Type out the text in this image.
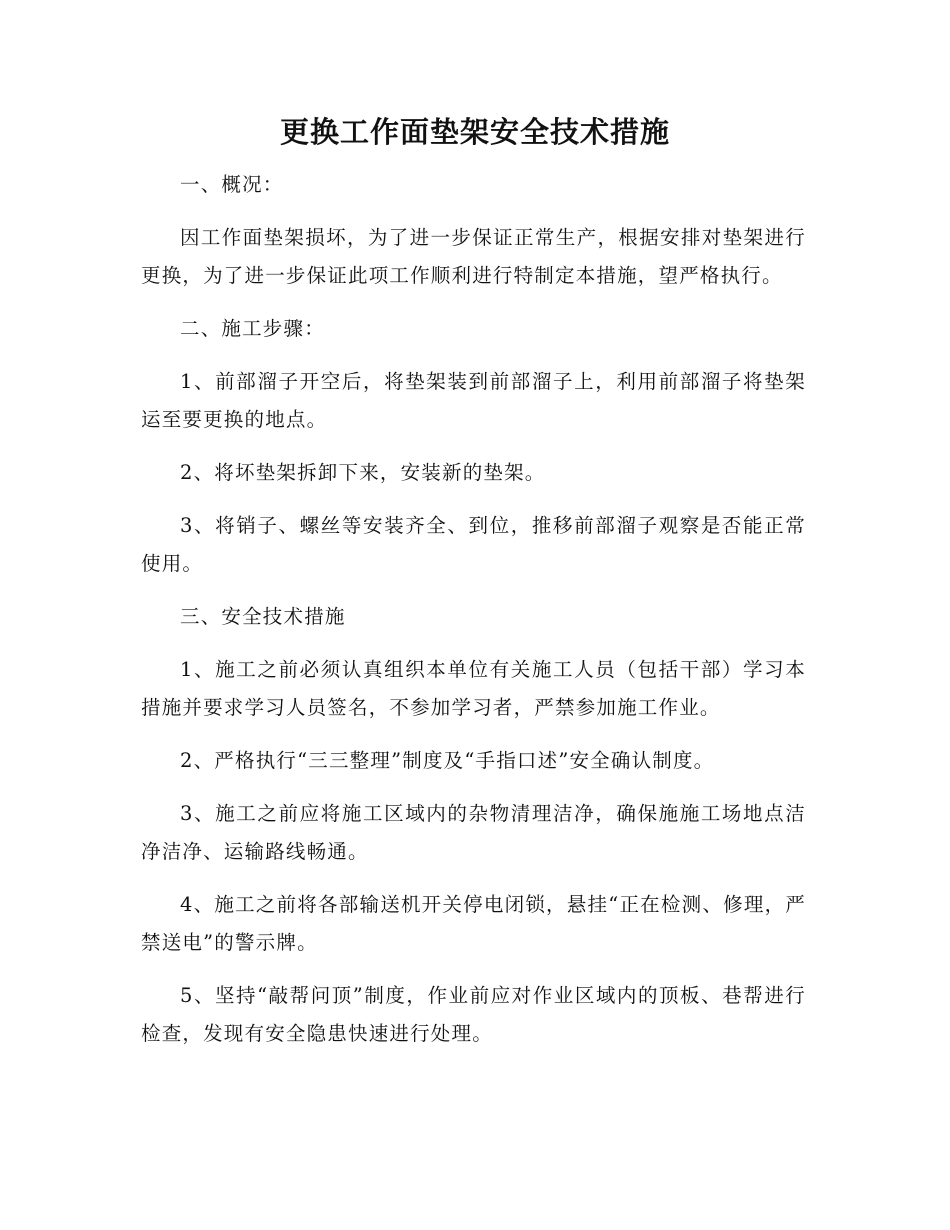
更换工作面垫架安全技术措施

一、概况：

因工作面垫架损坏，为了进一步保证正常生产，根据安排对垫架进行更换，为了进一步保证此项工作顺利进行特制定本措施，望严格执行。

二、施工步骤：

1、前部溜子开空后，将垫架装到前部溜子上，利用前部溜子将垫架运至要更换的地点。

2、将坏垫架拆卸下来，安装新的垫架。

3、将销子、螺丝等安装齐全、到位，推移前部溜子观察是否能正常使用。

三、安全技术措施

1、施工之前必须认真组织本单位有关施工人员（包括干部）学习本措施并要求学习人员签名，不参加学习者，严禁参加施工作业。

2、严格执行“三三整理”制度及“手指口述”安全确认制度。

3、施工之前应将施工区域内的杂物清理洁净，确保施施工场地点洁净洁净、运输路线畅通。

4、施工之前将各部输送机开关停电闭锁，悬挂“正在检测、修理，严禁送电”的警示牌。

5、坚持“敲帮问顶”制度，作业前应对作业区域内的顶板、巷帮进行检查，发现有安全隐患快速进行处理。
